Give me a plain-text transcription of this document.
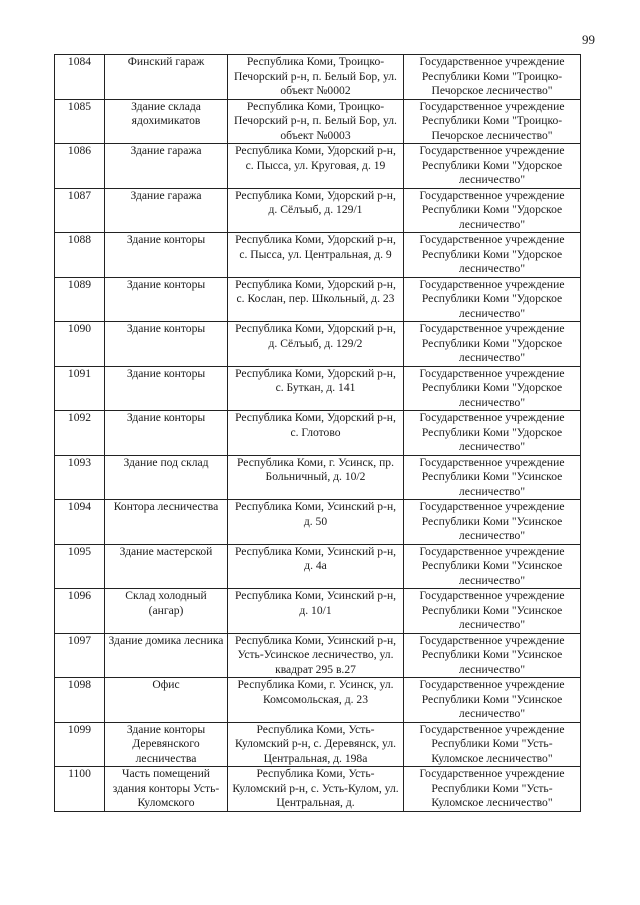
99
1084	Финский гараж	Республика Коми, Троицко-Печорский р-н, п. Белый Бор, ул. объект №0002	Государственное учреждение Республики Коми "Троицко-Печорское лесничество"
1085	Здание склада ядохимикатов	Республика Коми, Троицко-Печорский р-н, п. Белый Бор, ул. объект №0003	Государственное учреждение Республики Коми "Троицко-Печорское лесничество"
1086	Здание гаража	Республика Коми, Удорский р-н, с. Пысса, ул. Круговая, д. 19	Государственное учреждение Республики Коми "Удорское лесничество"
1087	Здание гаража	Республика Коми, Удорский р-н, д. Сёлъыб, д. 129/1	Государственное учреждение Республики Коми "Удорское лесничество"
1088	Здание конторы	Республика Коми, Удорский р-н, с. Пысса, ул. Центральная, д. 9	Государственное учреждение Республики Коми "Удорское лесничество"
1089	Здание конторы	Республика Коми, Удорский р-н, с. Кослан, пер. Школьный, д. 23	Государственное учреждение Республики Коми "Удорское лесничество"
1090	Здание конторы	Республика Коми, Удорский р-н, д. Сёлъыб, д. 129/2	Государственное учреждение Республики Коми "Удорское лесничество"
1091	Здание конторы	Республика Коми, Удорский р-н, с. Буткан, д. 141	Государственное учреждение Республики Коми "Удорское лесничество"
1092	Здание конторы	Республика Коми, Удорский р-н, с. Глотово	Государственное учреждение Республики Коми "Удорское лесничество"
1093	Здание под склад	Республика Коми, г. Усинск, пр. Больничный, д. 10/2	Государственное учреждение Республики Коми "Усинское лесничество"
1094	Контора лесничества	Республика Коми, Усинский р-н, д. 50	Государственное учреждение Республики Коми "Усинское лесничество"
1095	Здание мастерской	Республика Коми, Усинский р-н, д. 4а	Государственное учреждение Республики Коми "Усинское лесничество"
1096	Склад холодный (ангар)	Республика Коми, Усинский р-н, д. 10/1	Государственное учреждение Республики Коми "Усинское лесничество"
1097	Здание домика лесника	Республика Коми, Усинский р-н, Усть-Усинское лесничество, ул. квадрат 295 в.27	Государственное учреждение Республики Коми "Усинское лесничество"
1098	Офис	Республика Коми, г. Усинск, ул. Комсомольская, д. 23	Государственное учреждение Республики Коми "Усинское лесничество"
1099	Здание конторы Деревянского лесничества	Республика Коми, Усть-Куломский р-н, с. Деревянск, ул. Центральная, д. 198а	Государственное учреждение Республики Коми "Усть-Куломское лесничество"
1100	Часть помещений здания конторы Усть-Куломского	Республика Коми, Усть-Куломский р-н, с. Усть-Кулом, ул. Центральная, д.	Государственное учреждение Республики Коми "Усть-Куломское лесничество"
